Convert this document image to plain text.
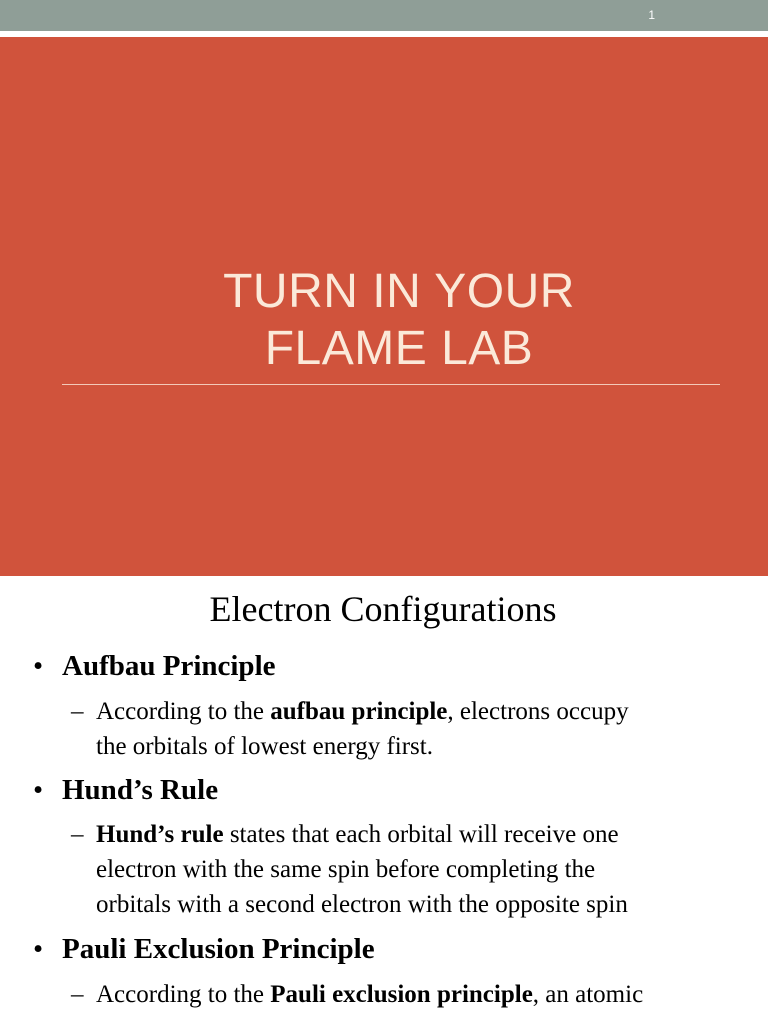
1
TURN IN YOUR
FLAME LAB
Electron Configurations
• Aufbau Principle
– According to the aufbau principle, electrons occupy
the orbitals of lowest energy first.
• Hund’s Rule
– Hund’s rule states that each orbital will receive one
electron with the same spin before completing the
orbitals with a second electron with the opposite spin
• Pauli Exclusion Principle
– According to the Pauli exclusion principle, an atomic
